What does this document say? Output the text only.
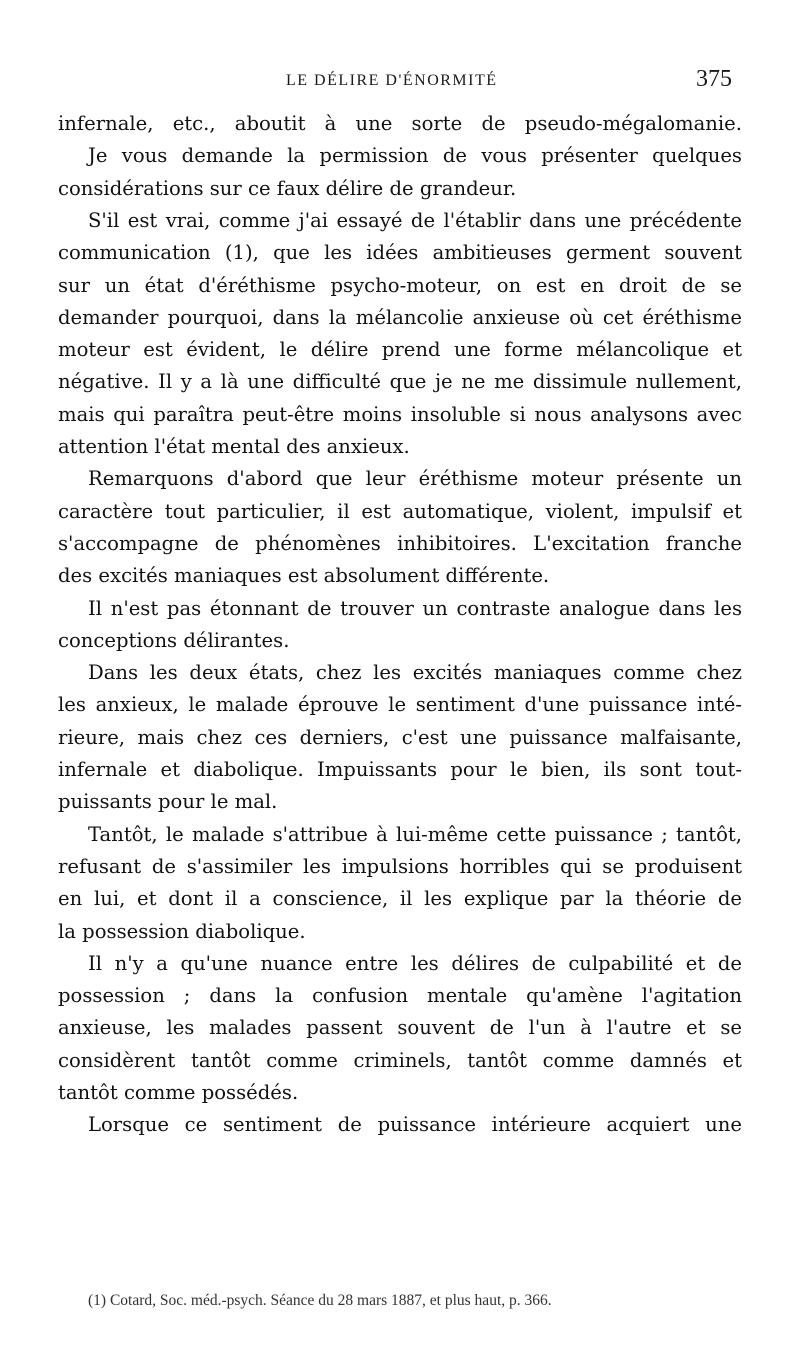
LE DÉLIRE D'ÉNORMITÉ	375
infernale, etc., aboutit à une sorte de pseudo-mégalomanie.
Je vous demande la permission de vous présenter quelques
considérations sur ce faux délire de grandeur.
S'il est vrai, comme j'ai essayé de l'établir dans une précédente
communication (1), que les idées ambitieuses germent souvent
sur un état d'éréthisme psycho-moteur, on est en droit de se
demander pourquoi, dans la mélancolie anxieuse où cet éréthisme
moteur est évident, le délire prend une forme mélancolique et
négative. Il y a là une difficulté que je ne me dissimule nullement,
mais qui paraîtra peut-être moins insoluble si nous analysons avec
attention l'état mental des anxieux.
Remarquons d'abord que leur éréthisme moteur présente un
caractère tout particulier, il est automatique, violent, impulsif et
s'accompagne de phénomènes inhibitoires. L'excitation franche
des excités maniaques est absolument différente.
Il n'est pas étonnant de trouver un contraste analogue dans les
conceptions délirantes.
Dans les deux états, chez les excités maniaques comme chez
les anxieux, le malade éprouve le sentiment d'une puissance inté-
rieure, mais chez ces derniers, c'est une puissance malfaisante,
infernale et diabolique. Impuissants pour le bien, ils sont tout-
puissants pour le mal.
Tantôt, le malade s'attribue à lui-même cette puissance ; tantôt,
refusant de s'assimiler les impulsions horribles qui se produisent
en lui, et dont il a conscience, il les explique par la théorie de
la possession diabolique.
Il n'y a qu'une nuance entre les délires de culpabilité et de
possession ; dans la confusion mentale qu'amène l'agitation
anxieuse, les malades passent souvent de l'un à l'autre et se
considèrent tantôt comme criminels, tantôt comme damnés et
tantôt comme possédés.
Lorsque ce sentiment de puissance intérieure acquiert une
(1) Cotard, Soc. méd.-psych. Séance du 28 mars 1887, et plus haut, p. 366.
